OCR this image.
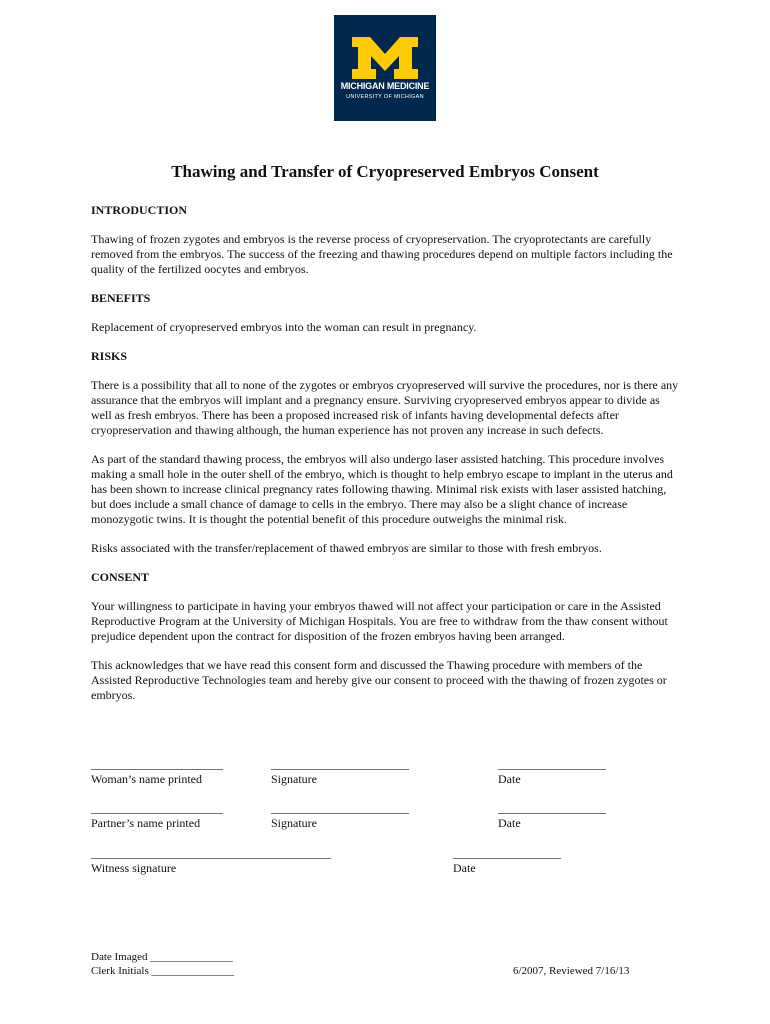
MICHIGAN MEDICINE
UNIVERSITY OF MICHIGAN
Thawing and Transfer of Cryopreserved Embryos Consent
INTRODUCTION

Thawing of frozen zygotes and embryos is the reverse process of cryopreservation. The cryoprotectants are carefully removed from the embryos. The success of the freezing and thawing procedures depend on multiple factors including the quality of the fertilized oocytes and embryos.

BENEFITS

Replacement of cryopreserved embryos into the woman can result in pregnancy.

RISKS

There is a possibility that all to none of the zygotes or embryos cryopreserved will survive the procedures, nor is there any assurance that the embryos will implant and a pregnancy ensure. Surviving cryopreserved embryos appear to divide as well as fresh embryos. There has been a proposed increased risk of infants having developmental defects after cryopreservation and thawing although, the human experience has not proven any increase in such defects.

As part of the standard thawing process, the embryos will also undergo laser assisted hatching. This procedure involves making a small hole in the outer shell of the embryo, which is thought to help embryo escape to implant in the uterus and has been shown to increase clinical pregnancy rates following thawing. Minimal risk exists with laser assisted hatching, but does include a small chance of damage to cells in the embryo. There may also be a slight chance of increase monozygotic twins. It is thought the potential benefit of this procedure outweighs the minimal risk.

Risks associated with the transfer/replacement of thawed embryos are similar to those with fresh embryos.

CONSENT

Your willingness to participate in having your embryos thawed will not affect your participation or care in the Assisted Reproductive Program at the University of Michigan Hospitals. You are free to withdraw from the thaw consent without prejudice dependent upon the contract for disposition of the frozen embryos having been arranged.

This acknowledges that we have read this consent form and discussed the Thawing procedure with members of the Assisted Reproductive Technologies team and hereby give our consent to proceed with the thawing of frozen zygotes or embryos.

______________________
Woman’s name printed
_______________________
Signature
__________________
Date
______________________
Partner’s name printed
_______________________
Signature
__________________
Date
________________________________________
Witness signature
__________________
Date
Date Imaged _______________
Clerk Initials _______________	6/2007, Reviewed 7/16/13
